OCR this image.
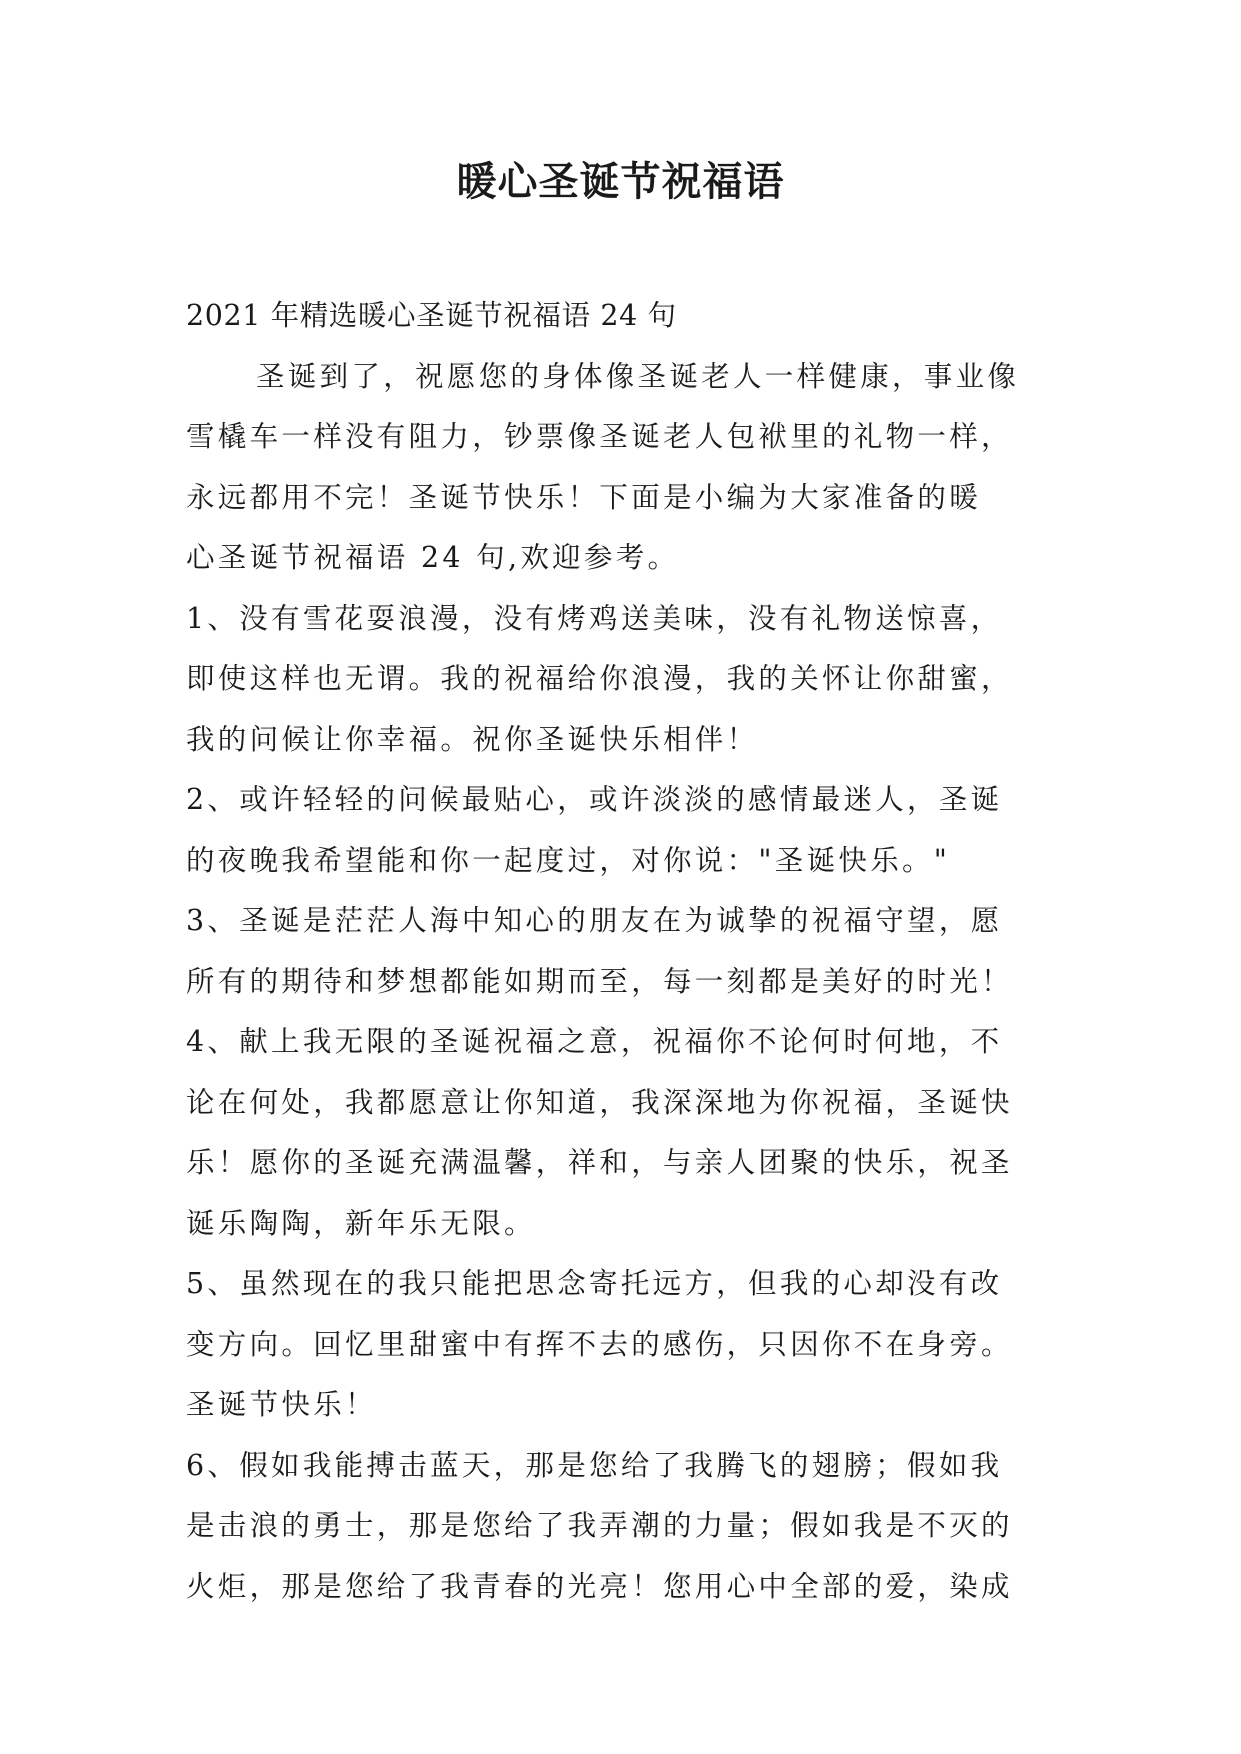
暖心圣诞节祝福语
2021 年精选暖心圣诞节祝福语 24 句
圣诞到了，祝愿您的身体像圣诞老人一样健康，事业像
雪橇车一样没有阻力，钞票像圣诞老人包袱里的礼物一样，
永远都用不完！圣诞节快乐！下面是小编为大家准备的暖
心圣诞节祝福语 24 句,欢迎参考。
1、没有雪花耍浪漫，没有烤鸡送美味，没有礼物送惊喜，
即使这样也无谓。我的祝福给你浪漫，我的关怀让你甜蜜，
我的问候让你幸福。祝你圣诞快乐相伴！
2、或许轻轻的问候最贴心，或许淡淡的感情最迷人，圣诞
的夜晚我希望能和你一起度过，对你说："圣诞快乐。"
3、圣诞是茫茫人海中知心的朋友在为诚挚的祝福守望，愿
所有的期待和梦想都能如期而至，每一刻都是美好的时光！
4、献上我无限的圣诞祝福之意，祝福你不论何时何地，不
论在何处，我都愿意让你知道，我深深地为你祝福，圣诞快
乐！愿你的圣诞充满温馨，祥和，与亲人团聚的快乐，祝圣
诞乐陶陶，新年乐无限。
5、虽然现在的我只能把思念寄托远方，但我的心却没有改
变方向。回忆里甜蜜中有挥不去的感伤，只因你不在身旁。
圣诞节快乐！
6、假如我能搏击蓝天，那是您给了我腾飞的翅膀；假如我
是击浪的勇士，那是您给了我弄潮的力量；假如我是不灭的
火炬，那是您给了我青春的光亮！您用心中全部的爱，染成
